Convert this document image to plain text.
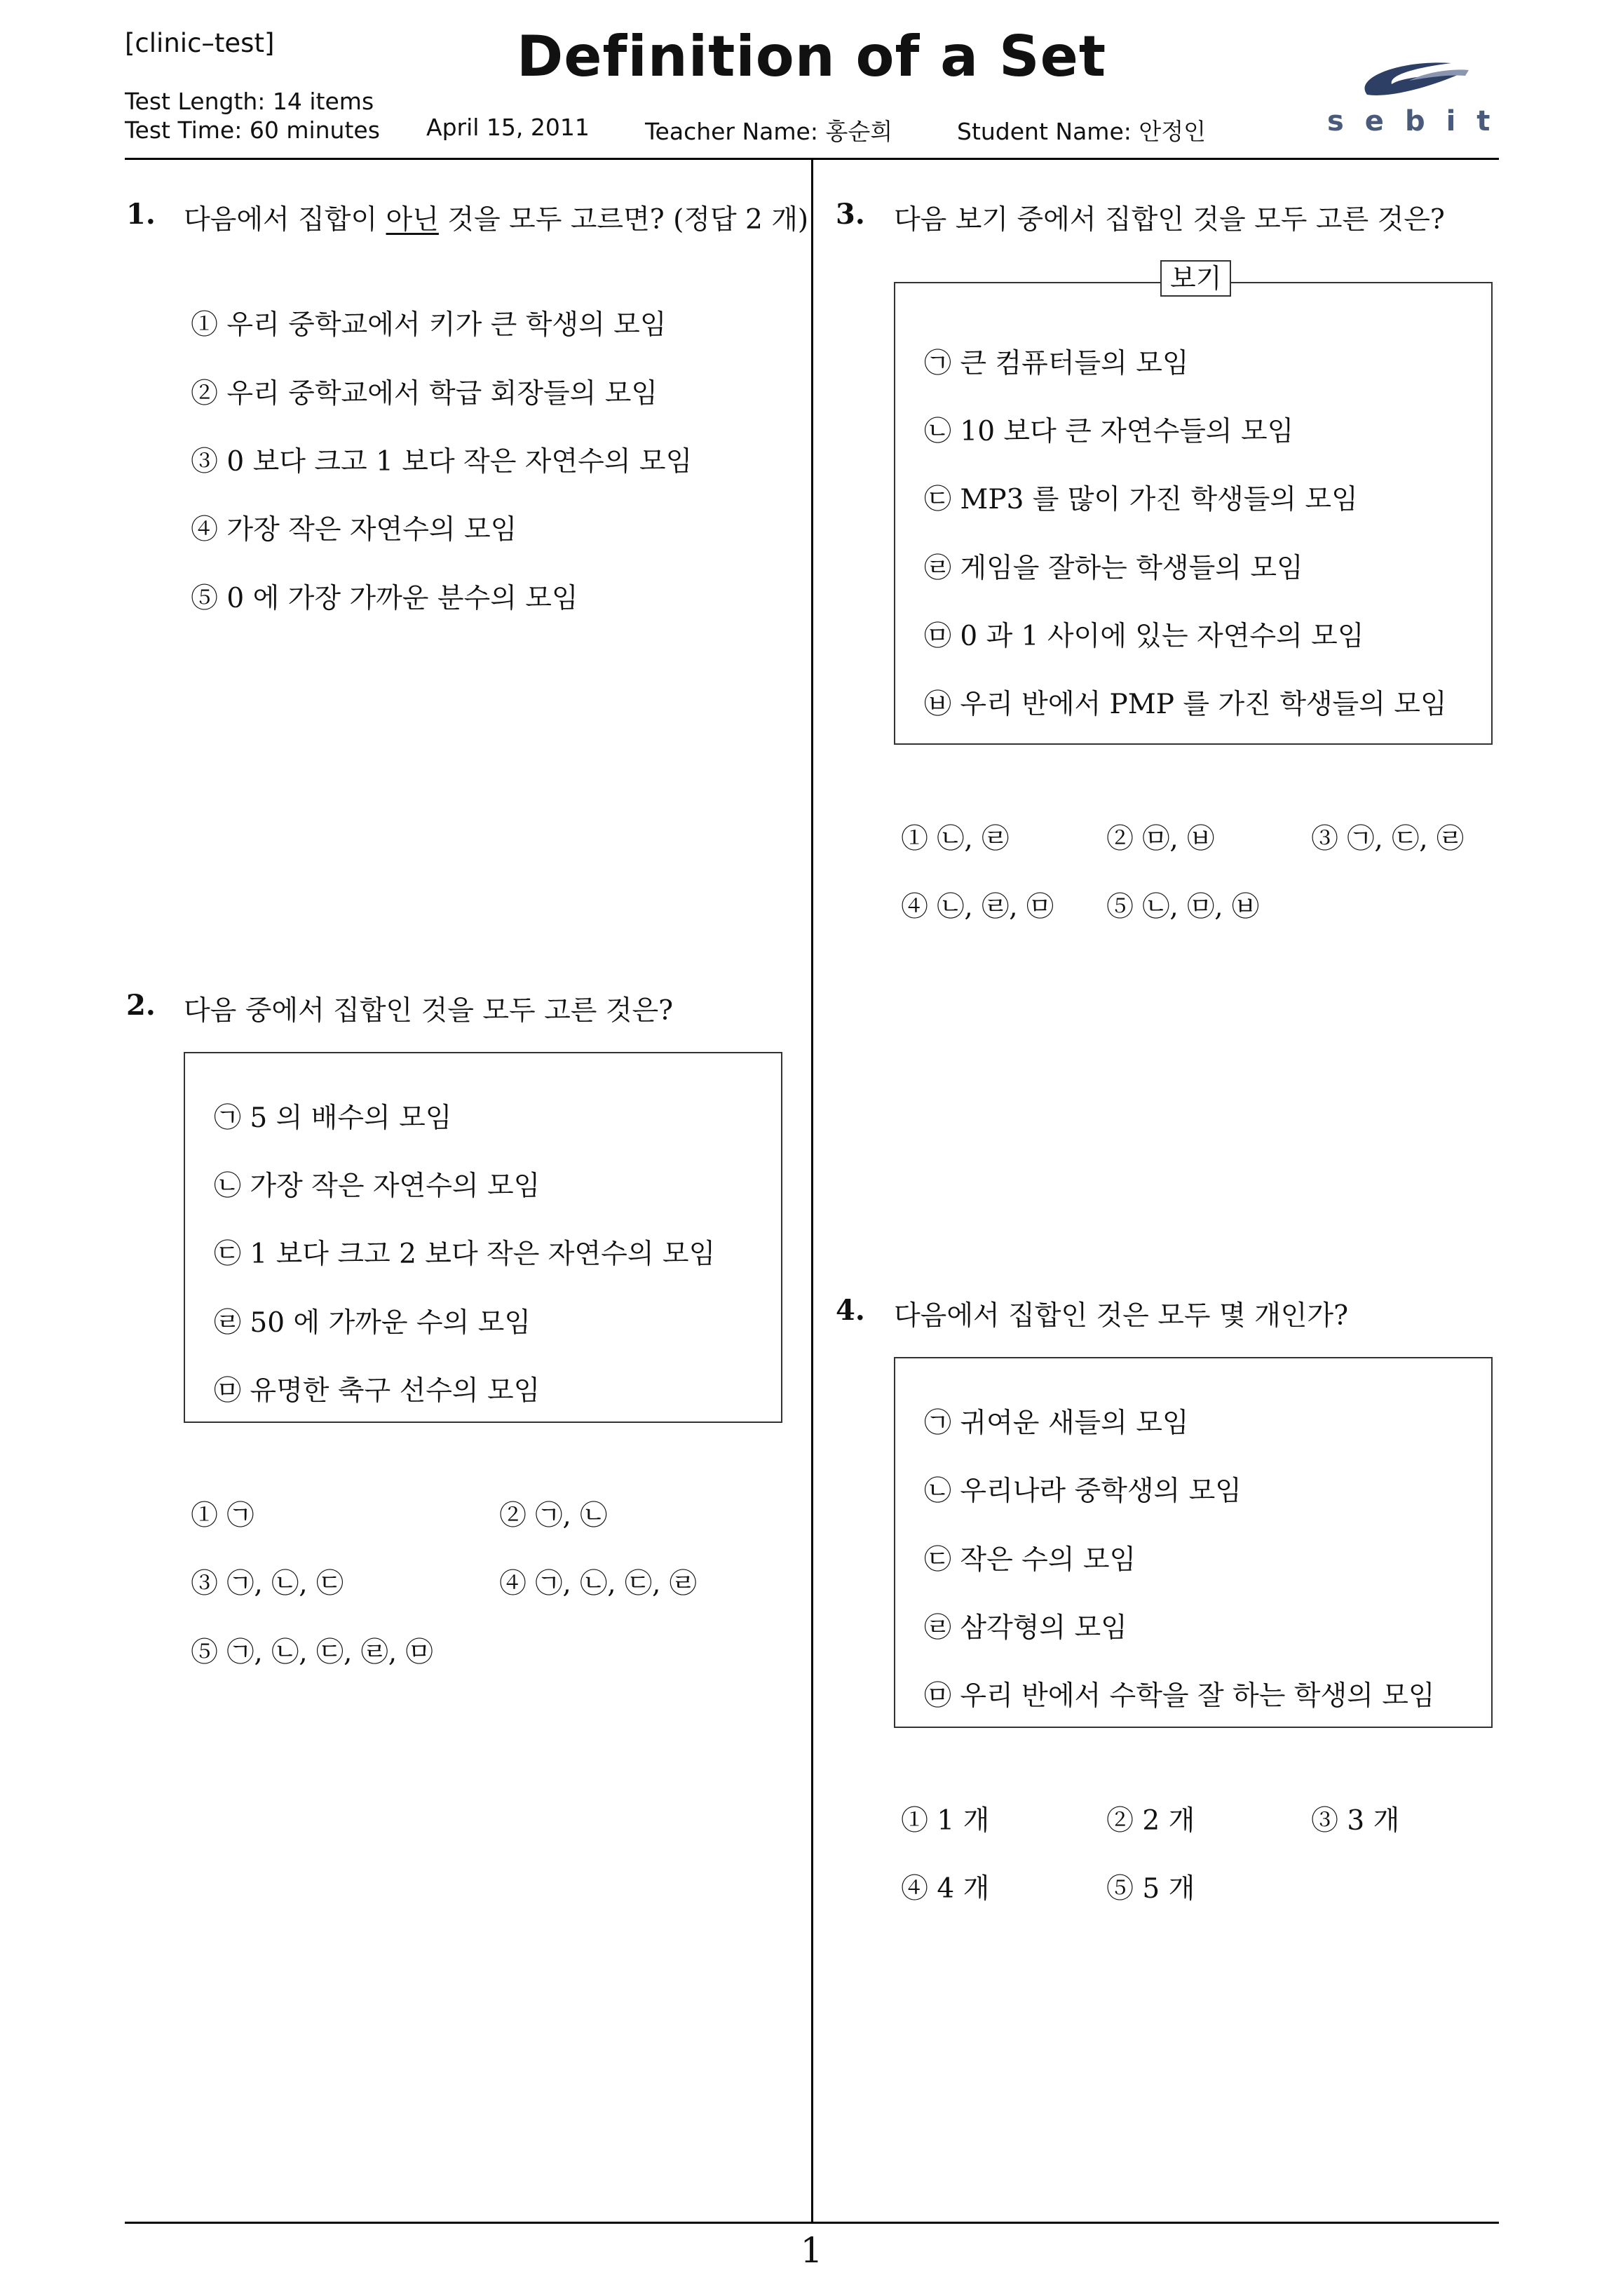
[clinic–test]	Definition of a Set
Test Length: 14 items
Test Time: 60 minutes April 15, 2011 Teacher Name: 홍순희	Student Name: 안정인	sebit
1
1. 다음에서 집합이 아닌 것을 모두 고르면? (정답 2 개)
① 우리 중학교에서 키가 큰 학생의 모임
② 우리 중학교에서 학급 회장들의 모임
③ 0 보다 크고 1 보다 작은 자연수의 모임
④ 가장 작은 자연수의 모임
⑤ 0 에 가장 가까운 분수의 모임
2. 다음 중에서 집합인 것을 모두 고른 것은?
㉠ 5 의 배수의 모임
㉡ 가장 작은 자연수의 모임
㉢ 1 보다 크고 2 보다 작은 자연수의 모임
㉣ 50 에 가까운 수의 모임
㉤ 유명한 축구 선수의 모임
① ㉠	② ㉠, ㉡
③ ㉠, ㉡, ㉢	④ ㉠, ㉡, ㉢, ㉣
⑤ ㉠, ㉡, ㉢, ㉣, ㉤
3. 다음 보기 중에서 집합인 것을 모두 고른 것은?
보기
㉠ 큰 컴퓨터들의 모임
㉡ 10 보다 큰 자연수들의 모임
㉢ MP3 를 많이 가진 학생들의 모임
㉣ 게임을 잘하는 학생들의 모임
㉤ 0 과 1 사이에 있는 자연수의 모임
㉥ 우리 반에서 PMP 를 가진 학생들의 모임
① ㉡, ㉣	② ㉤, ㉥	③ ㉠, ㉢, ㉣
④ ㉡, ㉣, ㉤ ⑤ ㉡, ㉤, ㉥
4. 다음에서 집합인 것은 모두 몇 개인가?
㉠ 귀여운 새들의 모임
㉡ 우리나라 중학생의 모임
㉢ 작은 수의 모임
㉣ 삼각형의 모임
㉤ 우리 반에서 수학을 잘 하는 학생의 모임
① 1 개	② 2 개	③ 3 개
④ 4 개	⑤ 5 개
